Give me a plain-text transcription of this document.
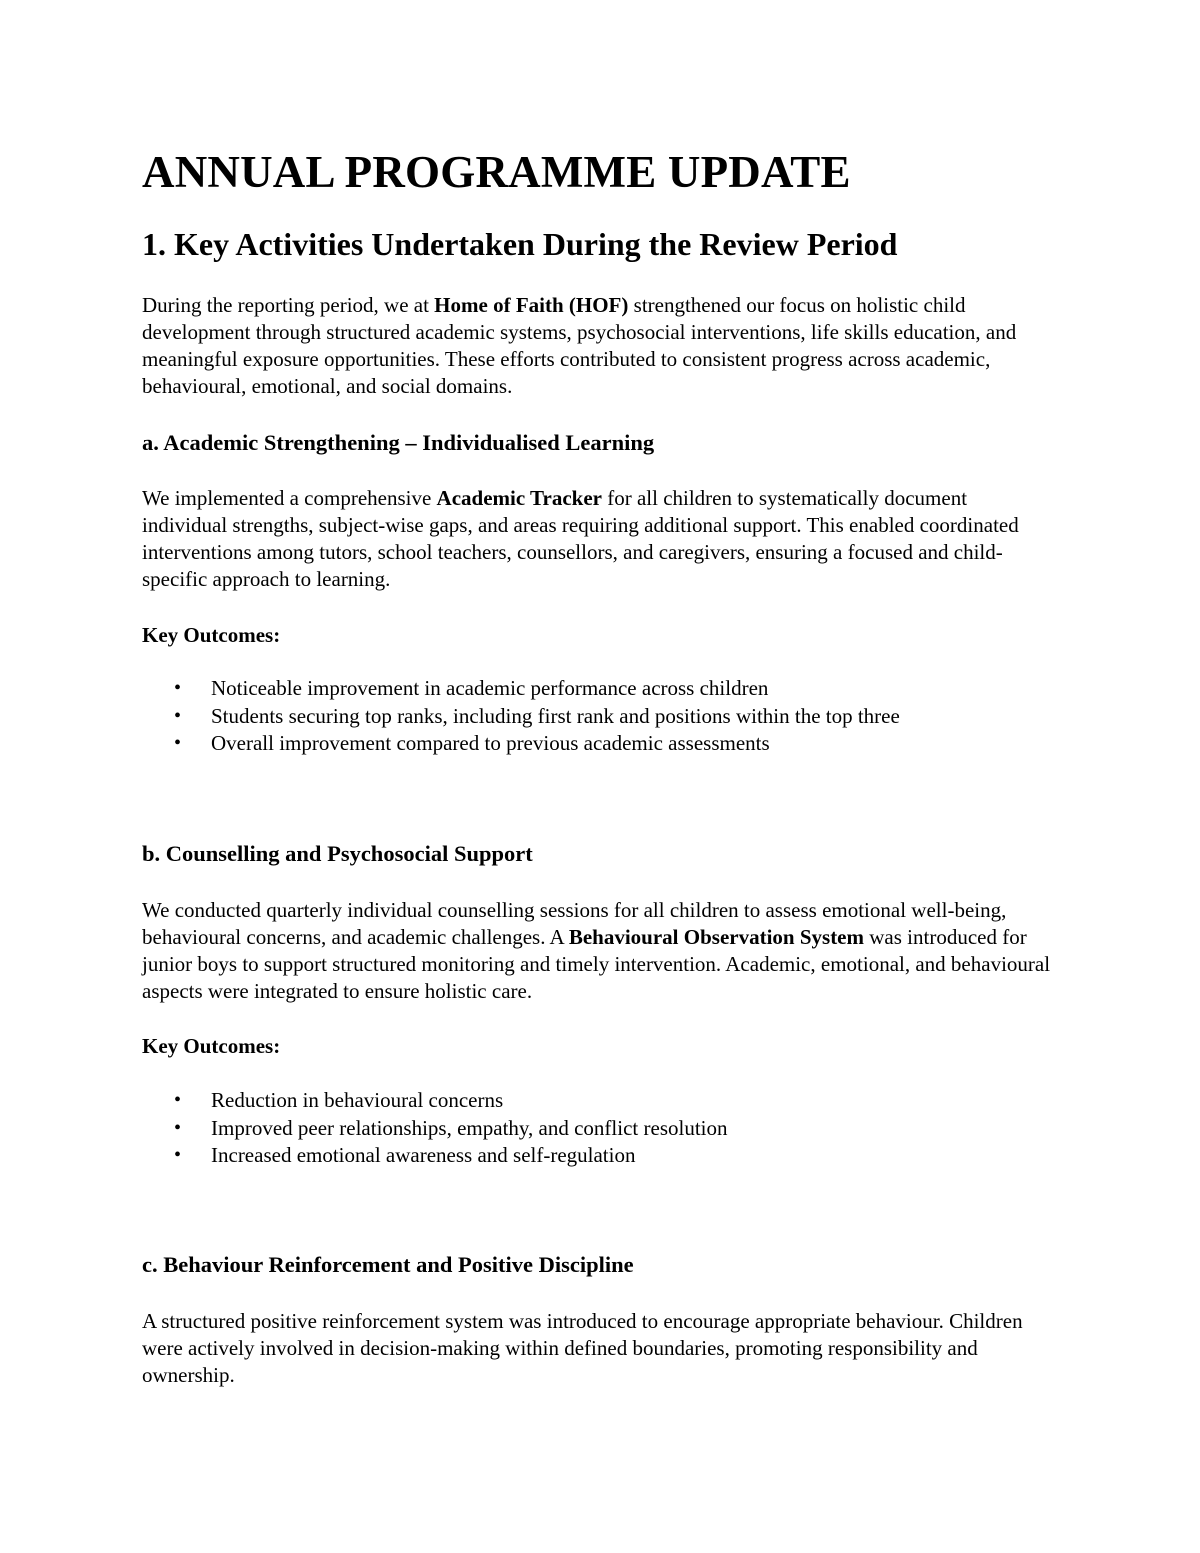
ANNUAL PROGRAMME UPDATE
1. Key Activities Undertaken During the Review Period

During the reporting period, we at Home of Faith (HOF) strengthened our focus on holistic child development through structured academic systems, psychosocial interventions, life skills education, and meaningful exposure opportunities. These efforts contributed to consistent progress across academic, behavioural, emotional, and social domains.

a. Academic Strengthening – Individualised Learning

We implemented a comprehensive Academic Tracker for all children to systematically document individual strengths, subject-wise gaps, and areas requiring additional support. This enabled coordinated interventions among tutors, school teachers, counsellors, and caregivers, ensuring a focused and child-specific approach to learning.

Key Outcomes:

• Noticeable improvement in academic performance across children
• Students securing top ranks, including first rank and positions within the top three
• Overall improvement compared to previous academic assessments
b. Counselling and Psychosocial Support

We conducted quarterly individual counselling sessions for all children to assess emotional well-being, behavioural concerns, and academic challenges. A Behavioural Observation System was introduced for junior boys to support structured monitoring and timely intervention. Academic, emotional, and behavioural aspects were integrated to ensure holistic care.

Key Outcomes:

• Reduction in behavioural concerns
• Improved peer relationships, empathy, and conflict resolution
• Increased emotional awareness and self-regulation
c. Behaviour Reinforcement and Positive Discipline

A structured positive reinforcement system was introduced to encourage appropriate behaviour. Children were actively involved in decision-making within defined boundaries, promoting responsibility and ownership.
